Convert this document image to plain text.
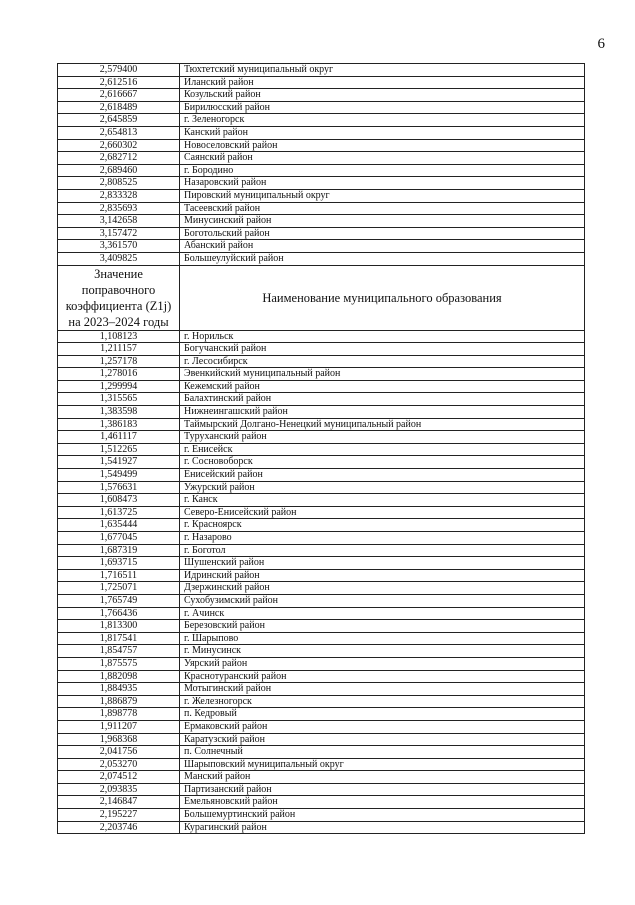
6
2,579400	Тюхтетский муниципальный округ
2,612516	Иланский район
2,616667	Козульский район
2,618489	Бирилюсский район
2,645859	г. Зеленогорск
2,654813	Канский район
2,660302	Новоселовский район
2,682712	Саянский район
2,689460	г. Бородино
2,808525	Назаровский район
2,833328	Пировский муниципальный округ
2,835693	Тасеевский район
3,142658	Минусинский район
3,157472	Боготольский район
3,361570	Абанский район
3,409825	Большеулуйский район
Значение поправочного коэффициента (Z1j) на 2023–2024 годы	Наименование муниципального образования
1,108123	г. Норильск
1,211157	Богучанский район
1,257178	г. Лесосибирск
1,278016	Эвенкийский муниципальный район
1,299994	Кежемский район
1,315565	Балахтинский район
1,383598	Нижнеингашский район
1,386183	Таймырский Долгано-Ненецкий муниципальный район
1,461117	Туруханский район
1,512265	г. Енисейск
1,541927	г. Сосновоборск
1,549499	Енисейский район
1,576631	Ужурский район
1,608473	г. Канск
1,613725	Северо-Енисейский район
1,635444	г. Красноярск
1,677045	г. Назарово
1,687319	г. Боготол
1,693715	Шушенский район
1,716511	Идринский район
1,725071	Дзержинский район
1,765749	Сухобузимский район
1,766436	г. Ачинск
1,813300	Березовский район
1,817541	г. Шарыпово
1,854757	г. Минусинск
1,875575	Уярский район
1,882098	Краснотуранский район
1,884935	Мотыгинский район
1,886879	г. Железногорск
1,898778	п. Кедровый
1,911207	Ермаковский район
1,968368	Каратузский район
2,041756	п. Солнечный
2,053270	Шарыповский муниципальный округ
2,074512	Манский район
2,093835	Партизанский район
2,146847	Емельяновский район
2,195227	Большемуртинский район
2,203746	Курагинский район
